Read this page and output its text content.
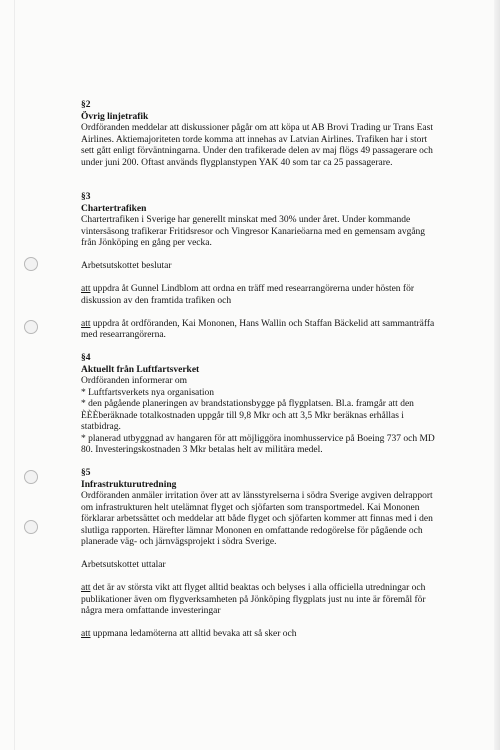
§2
Övrig linjetrafik
Ordföranden meddelar att diskussioner pågår om att köpa ut AB Brovi Trading ur Trans East Airlines. Aktiemajoriteten torde komma att innehas av Latvian Airlines. Trafiken har i stort sett gått enligt förväntningarna. Under den trafikerade delen av maj flögs 49 passagerare och under juni 200. Oftast används flygplanstypen YAK 40 som tar ca 25 passagerare.
§3
Chartertrafiken
Chartertrafiken i Sverige har generellt minskat med 30% under året. Under kommande vintersäsong trafikerar Fritidsresor och Vingresor Kanarieöarna med en gemensam avgång från Jönköping en gång per vecka.
Arbetsutskottet beslutar
att uppdra åt Gunnel Lindblom att ordna en träff med researrangörerna under hösten för diskussion av den framtida trafiken och
att uppdra åt ordföranden, Kai Mononen, Hans Wallin och Staffan Bäckelid att sammanträffa med researrangörerna.
§4
Aktuellt från Luftfartsverket
Ordföranden informerar om
* Luftfartsverkets nya organisation
* den pågående planeringen av brandstationsbygge på flygplatsen. Bl.a. framgår att den ÈÈÈberäknade totalkostnaden uppgår till 9,8 Mkr och att 3,5 Mkr beräknas erhållas i statbidrag.
* planerad utbyggnad av hangaren för att möjliggöra inomhusservice på Boeing 737 och MD 80. Investeringskostnaden 3 Mkr betalas helt av militära medel.
§5
Infrastrukturutredning
Ordföranden anmäler irritation över att av länsstyrelserna i södra Sverige avgiven delrapport om infrastrukturen helt utelämnat flyget och sjöfarten som transportmedel. Kai Mononen förklarar arbetssättet och meddelar att både flyget och sjöfarten kommer att finnas med i den slutliga rapporten. Härefter lämnar Mononen en omfattande redogörelse för pågående och planerade väg- och järnvägsprojekt i södra Sverige.
Arbetsutskottet uttalar
att det är av största vikt att flyget alltid beaktas och belyses i alla officiella utredningar och publikationer även om flygverksamheten på Jönköping flygplats just nu inte är föremål för några mera omfattande investeringar
att uppmana ledamöterna att alltid bevaka att så sker och
